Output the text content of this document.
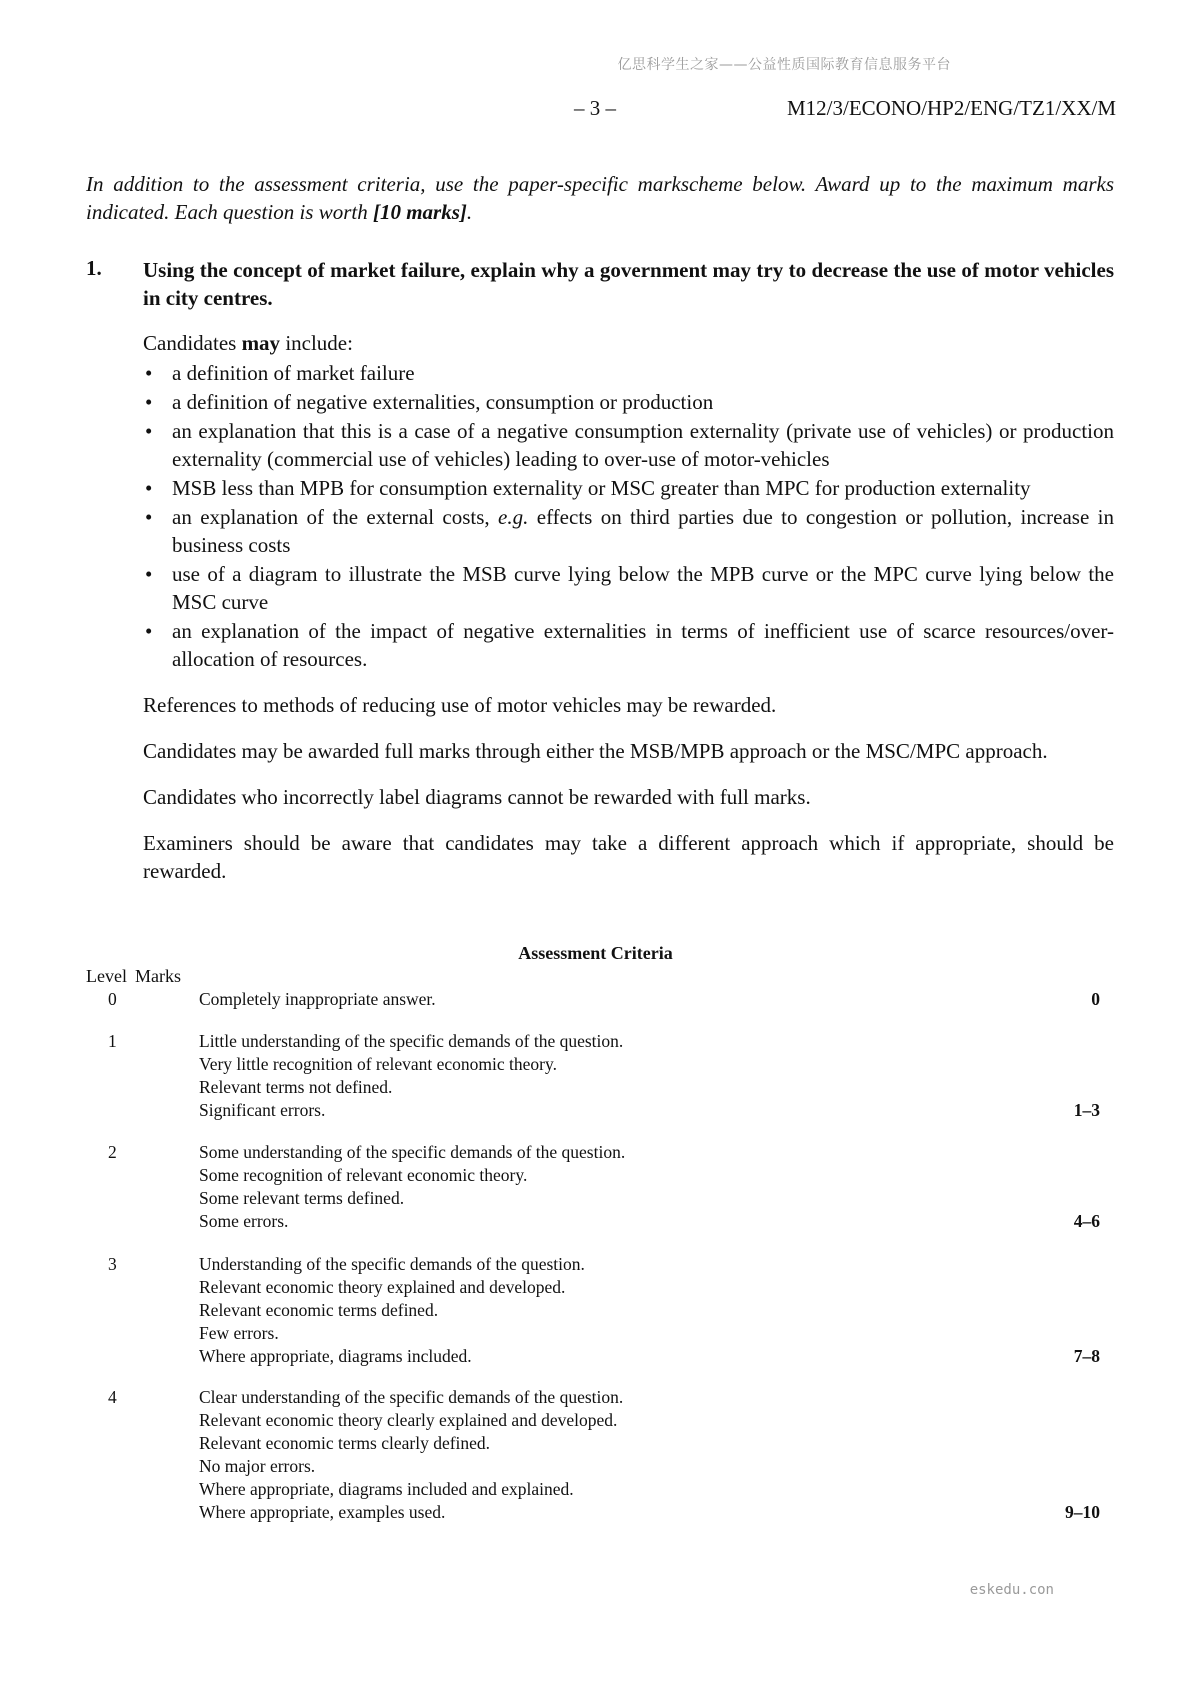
亿思科学生之家——公益性质国际教育信息服务平台
– 3 –	M12/3/ECONO/HP2/ENG/TZ1/XX/M
In addition to the assessment criteria, use the paper-specific markscheme below. Award up to the maximum marks indicated. Each question is worth [10 marks].
1. Using the concept of market failure, explain why a government may try to decrease the use of motor vehicles in city centres.

Candidates may include:

• a definition of market failure
• a definition of negative externalities, consumption or production
• an explanation that this is a case of a negative consumption externality (private use of vehicles) or production externality (commercial use of vehicles) leading to over-use of motor-vehicles
• MSB less than MPB for consumption externality or MSC greater than MPC for production externality
• an explanation of the external costs, e.g. effects on third parties due to congestion or pollution, increase in business costs
• use of a diagram to illustrate the MSB curve lying below the MPB curve or the MPC curve lying below the MSC curve
• an explanation of the impact of negative externalities in terms of inefficient use of scarce resources/over-allocation of resources.

References to methods of reducing use of motor vehicles may be rewarded.

Candidates may be awarded full marks through either the MSB/MPB approach or the MSC/MPC approach.

Candidates who incorrectly label diagrams cannot be rewarded with full marks.

Examiners should be aware that candidates may take a different approach which if appropriate, should be rewarded.

Assessment Criteria
Level Marks
0	Completely inappropriate answer.	0
1	Little understanding of the specific demands of the question.
Very little recognition of relevant economic theory.
Relevant terms not defined.
Significant errors.	1–3
2	Some understanding of the specific demands of the question.
Some recognition of relevant economic theory.
Some relevant terms defined.
Some errors.	4–6
3	Understanding of the specific demands of the question.
Relevant economic theory explained and developed.
Relevant economic terms defined.
Few errors.
Where appropriate, diagrams included.	7–8
4	Clear understanding of the specific demands of the question.
Relevant economic theory clearly explained and developed.
Relevant economic terms clearly defined.
No major errors.
Where appropriate, diagrams included and explained.
Where appropriate, examples used.	9–10
eskedu.con
